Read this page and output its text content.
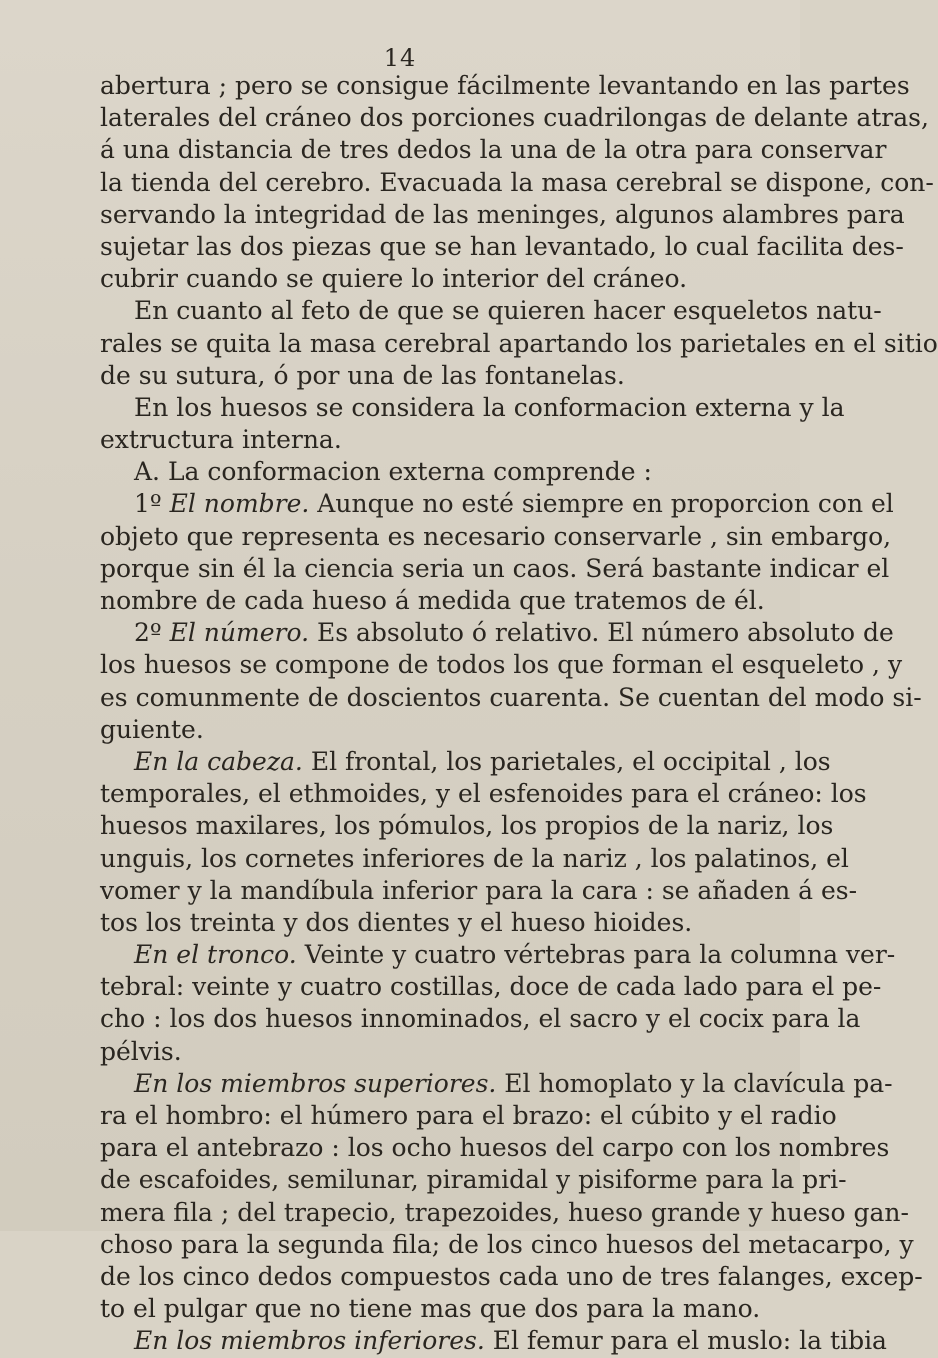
14
abertura ; pero se consigue fácilmente levantando en las partes
laterales del cráneo dos porciones cuadrilongas de delante atras,
á una distancia de tres dedos la una de la otra para conservar
la tienda del cerebro. Evacuada la masa cerebral se dispone, con-
servando la integridad de las meninges, algunos alambres para
sujetar las dos piezas que se han levantado, lo cual facilita des-
cubrir cuando se quiere lo interior del cráneo.
En cuanto al feto de que se quieren hacer esqueletos natu-
rales se quita la masa cerebral apartando los parietales en el sitio
de su sutura, ó por una de las fontanelas.
En los huesos se considera la conformacion externa y la
extructura interna.
A. La conformacion externa comprende :
1º El nombre. Aunque no esté siempre en proporcion con el
objeto que representa es necesario conservarle , sin embargo,
porque sin él la ciencia seria un caos. Será bastante indicar el
nombre de cada hueso á medida que tratemos de él.
2º El número. Es absoluto ó relativo. El número absoluto de
los huesos se compone de todos los que forman el esqueleto , y
es comunmente de doscientos cuarenta. Se cuentan del modo si-
guiente.
En la cabeza. El frontal, los parietales, el occipital , los
temporales, el ethmoides, y el esfenoides para el cráneo: los
huesos maxilares, los pómulos, los propios de la nariz, los
unguis, los cornetes inferiores de la nariz , los palatinos, el
vomer y la mandíbula inferior para la cara : se añaden á es-
tos los treinta y dos dientes y el hueso hioides.
En el tronco. Veinte y cuatro vértebras para la columna ver-
tebral: veinte y cuatro costillas, doce de cada lado para el pe-
cho : los dos huesos innominados, el sacro y el cocix para la
pélvis.
En los miembros superiores. El homoplato y la clavícula pa-
ra el hombro: el húmero para el brazo: el cúbito y el radio
para el antebrazo : los ocho huesos del carpo con los nombres
de escafoides, semilunar, piramidal y pisiforme para la pri-
mera fila ; del trapecio, trapezoides, hueso grande y hueso gan-
choso para la segunda fila; de los cinco huesos del metacarpo, y
de los cinco dedos compuestos cada uno de tres falanges, excep-
to el pulgar que no tiene mas que dos para la mano.
En los miembros inferiores. El femur para el muslo: la tibia
